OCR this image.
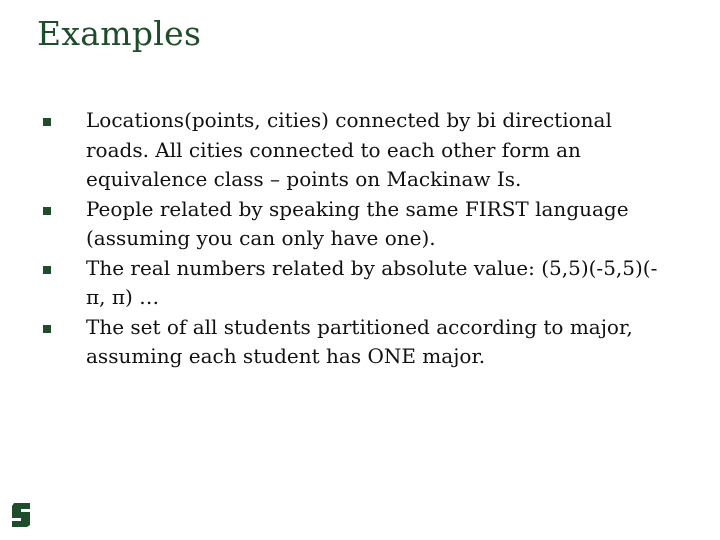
Examples
Locations(points, cities) connected by bi directional
roads. All cities connected to each other form an
equivalence class – points on Mackinaw Is.
People related by speaking the same FIRST language
(assuming you can only have one).
The real numbers related by absolute value: (5,5)(-5,5)(-
π, π) …
The set of all students partitioned according to major,
assuming each student has ONE major.
